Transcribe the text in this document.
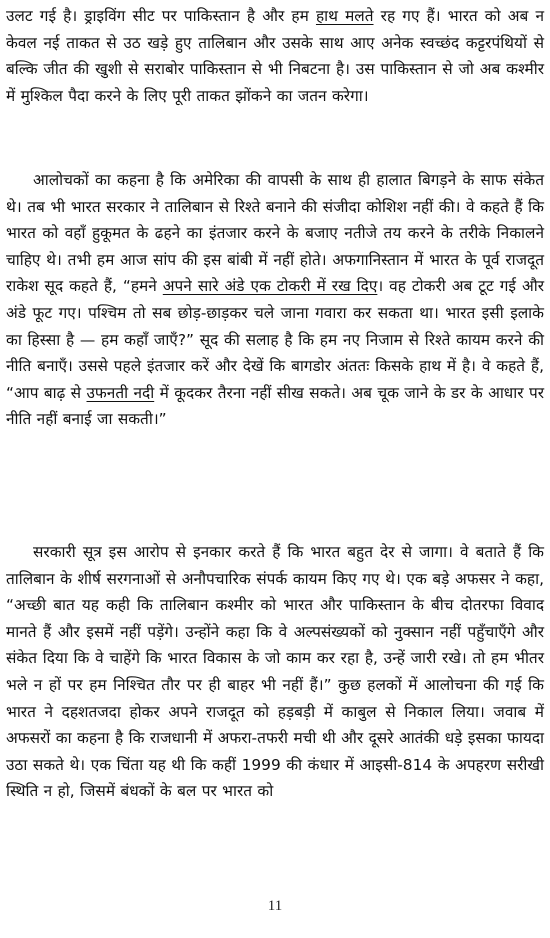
उलट गई है। ड्राइविंग सीट पर पाकिस्तान है और हम हाथ मलते रह गए हैं। भारत को अब न केवल नई ताकत से उठ खड़े हुए तालिबान और उसके साथ आए अनेक स्वच्छंद कट्टरपंथियों से बल्कि जीत की खुशी से सराबोर पाकिस्तान से भी निबटना है। उस पाकिस्तान से जो अब कश्मीर में मुश्किल पैदा करने के लिए पूरी ताकत झोंकने का जतन करेगा।

आलोचकों का कहना है कि अमेरिका की वापसी के साथ ही हालात बिगड़ने के साफ संकेत थे। तब भी भारत सरकार ने तालिबान से रिश्ते बनाने की संजीदा कोशिश नहीं की। वे कहते हैं कि भारत को वहाँ हुकूमत के ढहने का इंतजार करने के बजाए नतीजे तय करने के तरीके निकालने चाहिए थे। तभी हम आज सांप की इस बांबी में नहीं होते। अफगानिस्तान में भारत के पूर्व राजदूत राकेश सूद कहते हैं, “हमने अपने सारे अंडे एक टोकरी में रख दिए। वह टोकरी अब टूट गई और अंडे फूट गए। पश्चिम तो सब छोड़-छाड़कर चले जाना गवारा कर सकता था। भारत इसी इलाके का हिस्सा है — हम कहाँ जाएँ?” सूद की सलाह है कि हम नए निजाम से रिश्ते कायम करने की नीति बनाएँ। उससे पहले इंतजार करें और देखें कि बागडोर अंततः किसके हाथ में है। वे कहते हैं, “आप बाढ़ से उफनती नदी में कूदकर तैरना नहीं सीख सकते। अब चूक जाने के डर के आधार पर नीति नहीं बनाई जा सकती।”

सरकारी सूत्र इस आरोप से इनकार करते हैं कि भारत बहुत देर से जागा। वे बताते हैं कि तालिबान के शीर्ष सरगनाओं से अनौपचारिक संपर्क कायम किए गए थे। एक बड़े अफसर ने कहा, “अच्छी बात यह कही कि तालिबान कश्मीर को भारत और पाकिस्तान के बीच दोतरफा विवाद मानते हैं और इसमें नहीं पड़ेंगे। उन्होंने कहा कि वे अल्पसंख्यकों को नुक्सान नहीं पहुँचाएँगे और संकेत दिया कि वे चाहेंगे कि भारत विकास के जो काम कर रहा है, उन्हें जारी रखे। तो हम भीतर भले न हों पर हम निश्चित तौर पर ही बाहर भी नहीं हैं।” कुछ हलकों में आलोचना की गई कि भारत ने दहशतजदा होकर अपने राजदूत को हड़बड़ी में काबुल से निकाल लिया। जवाब में अफसरों का कहना है कि राजधानी में अफरा-तफरी मची थी और दूसरे आतंकी धड़े इसका फायदा उठा सकते थे। एक चिंता यह थी कि कहीं 1999 की कंधार में आइसी-814 के अपहरण सरीखी स्थिति न हो, जिसमें बंधकों के बल पर भारत को

11
